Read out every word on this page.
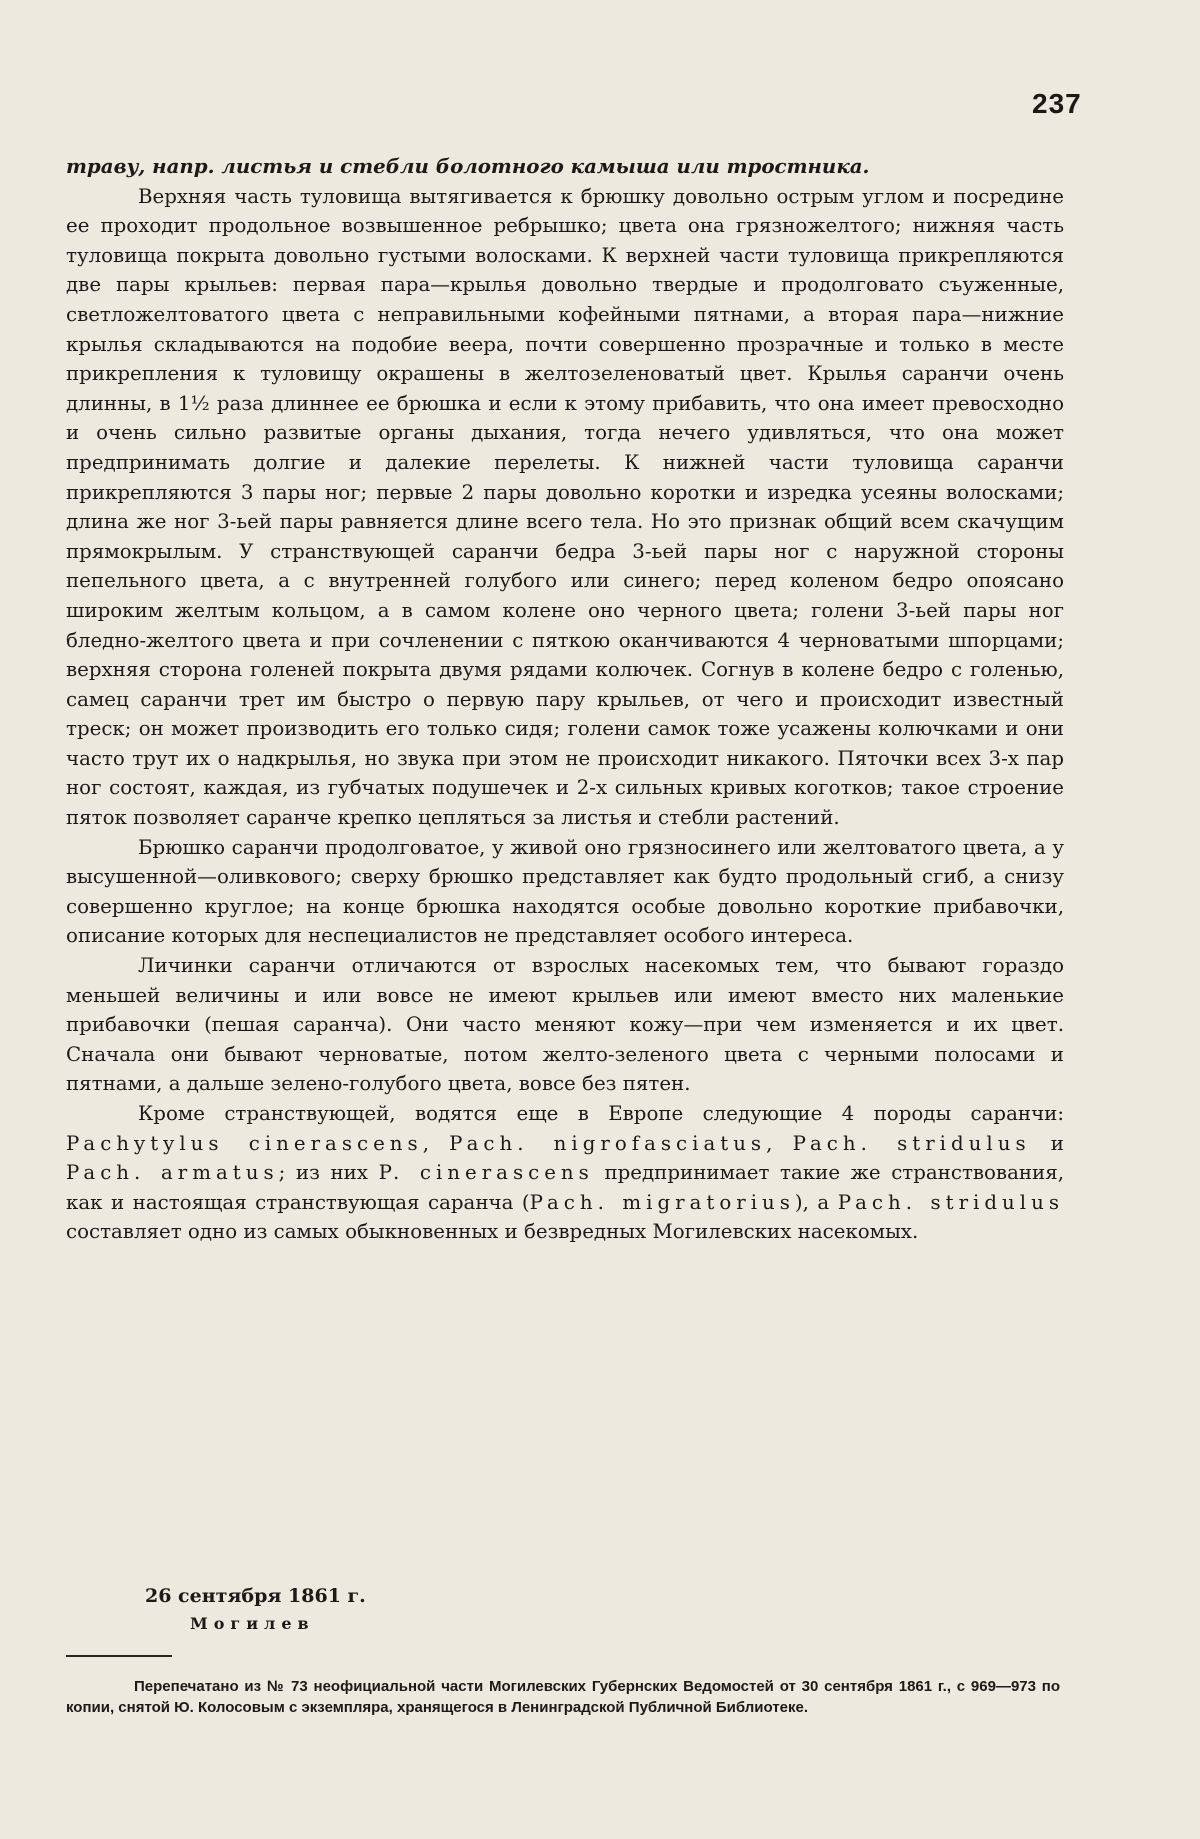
237

траву, напр. листья и стебли болотного камыша или тростника.

Верхняя часть туловища вытягивается к брюшку довольно острым углом и посредине ее проходит продольное возвышенное ребрышко; цвета она грязножелтого; нижняя часть туловища покрыта довольно густыми волосками. К верхней части туловища прикрепляются две пары крыльев: первая пара—крылья довольно твердые и продолговато съуженные, светложелтоватого цвета с неправильными кофейными пятнами, а вторая пара—нижние крылья складываются на подобие веера, почти совершенно прозрачные и только в месте прикрепления к туловищу окрашены в желтозеленоватый цвет. Крылья саранчи очень длинны, в 1½ раза длиннее ее брюшка и если к этому прибавить, что она имеет превосходно и очень сильно развитые органы дыхания, тогда нечего удивляться, что она может предпринимать долгие и далекие перелеты. К нижней части туловища саранчи прикрепляются 3 пары ног; первые 2 пары довольно коротки и изредка усеяны волосками; длина же ног 3-ьей пары равняется длине всего тела. Но это признак общий всем скачущим прямокрылым. У странствующей саранчи бедра 3-ьей пары ног с наружной стороны пепельного цвета, а с внутренней голубого или синего; перед коленом бедро опоясано широким желтым кольцом, а в самом колене оно черного цвета; голени 3-ьей пары ног бледно-желтого цвета и при сочленении с пяткою оканчиваются 4 черноватыми шпорцами; верхняя сторона голеней покрыта двумя рядами колючек. Согнув в колене бедро с голенью, самец саранчи трет им быстро о первую пару крыльев, от чего и происходит известный треск; он может производить его только сидя; голени самок тоже усажены колючками и они часто трут их о надкрылья, но звука при этом не происходит никакого. Пяточки всех 3-х пар ног состоят, каждая, из губчатых подушечек и 2-х сильных кривых коготков; такое строение пяток позволяет саранче крепко цепляться за листья и стебли растений.

Брюшко саранчи продолговатое, у живой оно грязносинего или желтоватого цвета, а у высушенной—оливкового; сверху брюшко представляет как будто продольный сгиб, а снизу совершенно круглое; на конце брюшка находятся особые довольно короткие прибавочки, описание которых для неспециалистов не представляет особого интереса.

Личинки саранчи отличаются от взрослых насекомых тем, что бывают гораздо меньшей величины и или вовсе не имеют крыльев или имеют вместо них маленькие прибавочки (пешая саранча). Они часто меняют кожу—при чем изменяется и их цвет. Сначала они бывают черноватые, потом желто-зеленого цвета с черными полосами и пятнами, а дальше зелено-голубого цвета, вовсе без пятен.

Кроме странствующей, водятся еще в Европе следующие 4 породы саранчи: Pachytylus cinerascens, Pach. nigrofasciatus, Pach. stridulus и Pach. armatus; из них P. cinerascens предпринимает такие же странствования, как и настоящая странствующая саранча (Pach. migratorius), а Pach. stridulus составляет одно из самых обыкновенных и безвредных Могилевских насекомых.

26 сентября 1861 г.
Могилев
Перепечатано из № 73 неофициальной части Могилевских Губернских Ведомостей от 30 сентября 1861 г., с 969—973 по копии, снятой Ю. Колосовым с экземпляра, хранящегося в Ленинградской Публичной Библиотеке.
